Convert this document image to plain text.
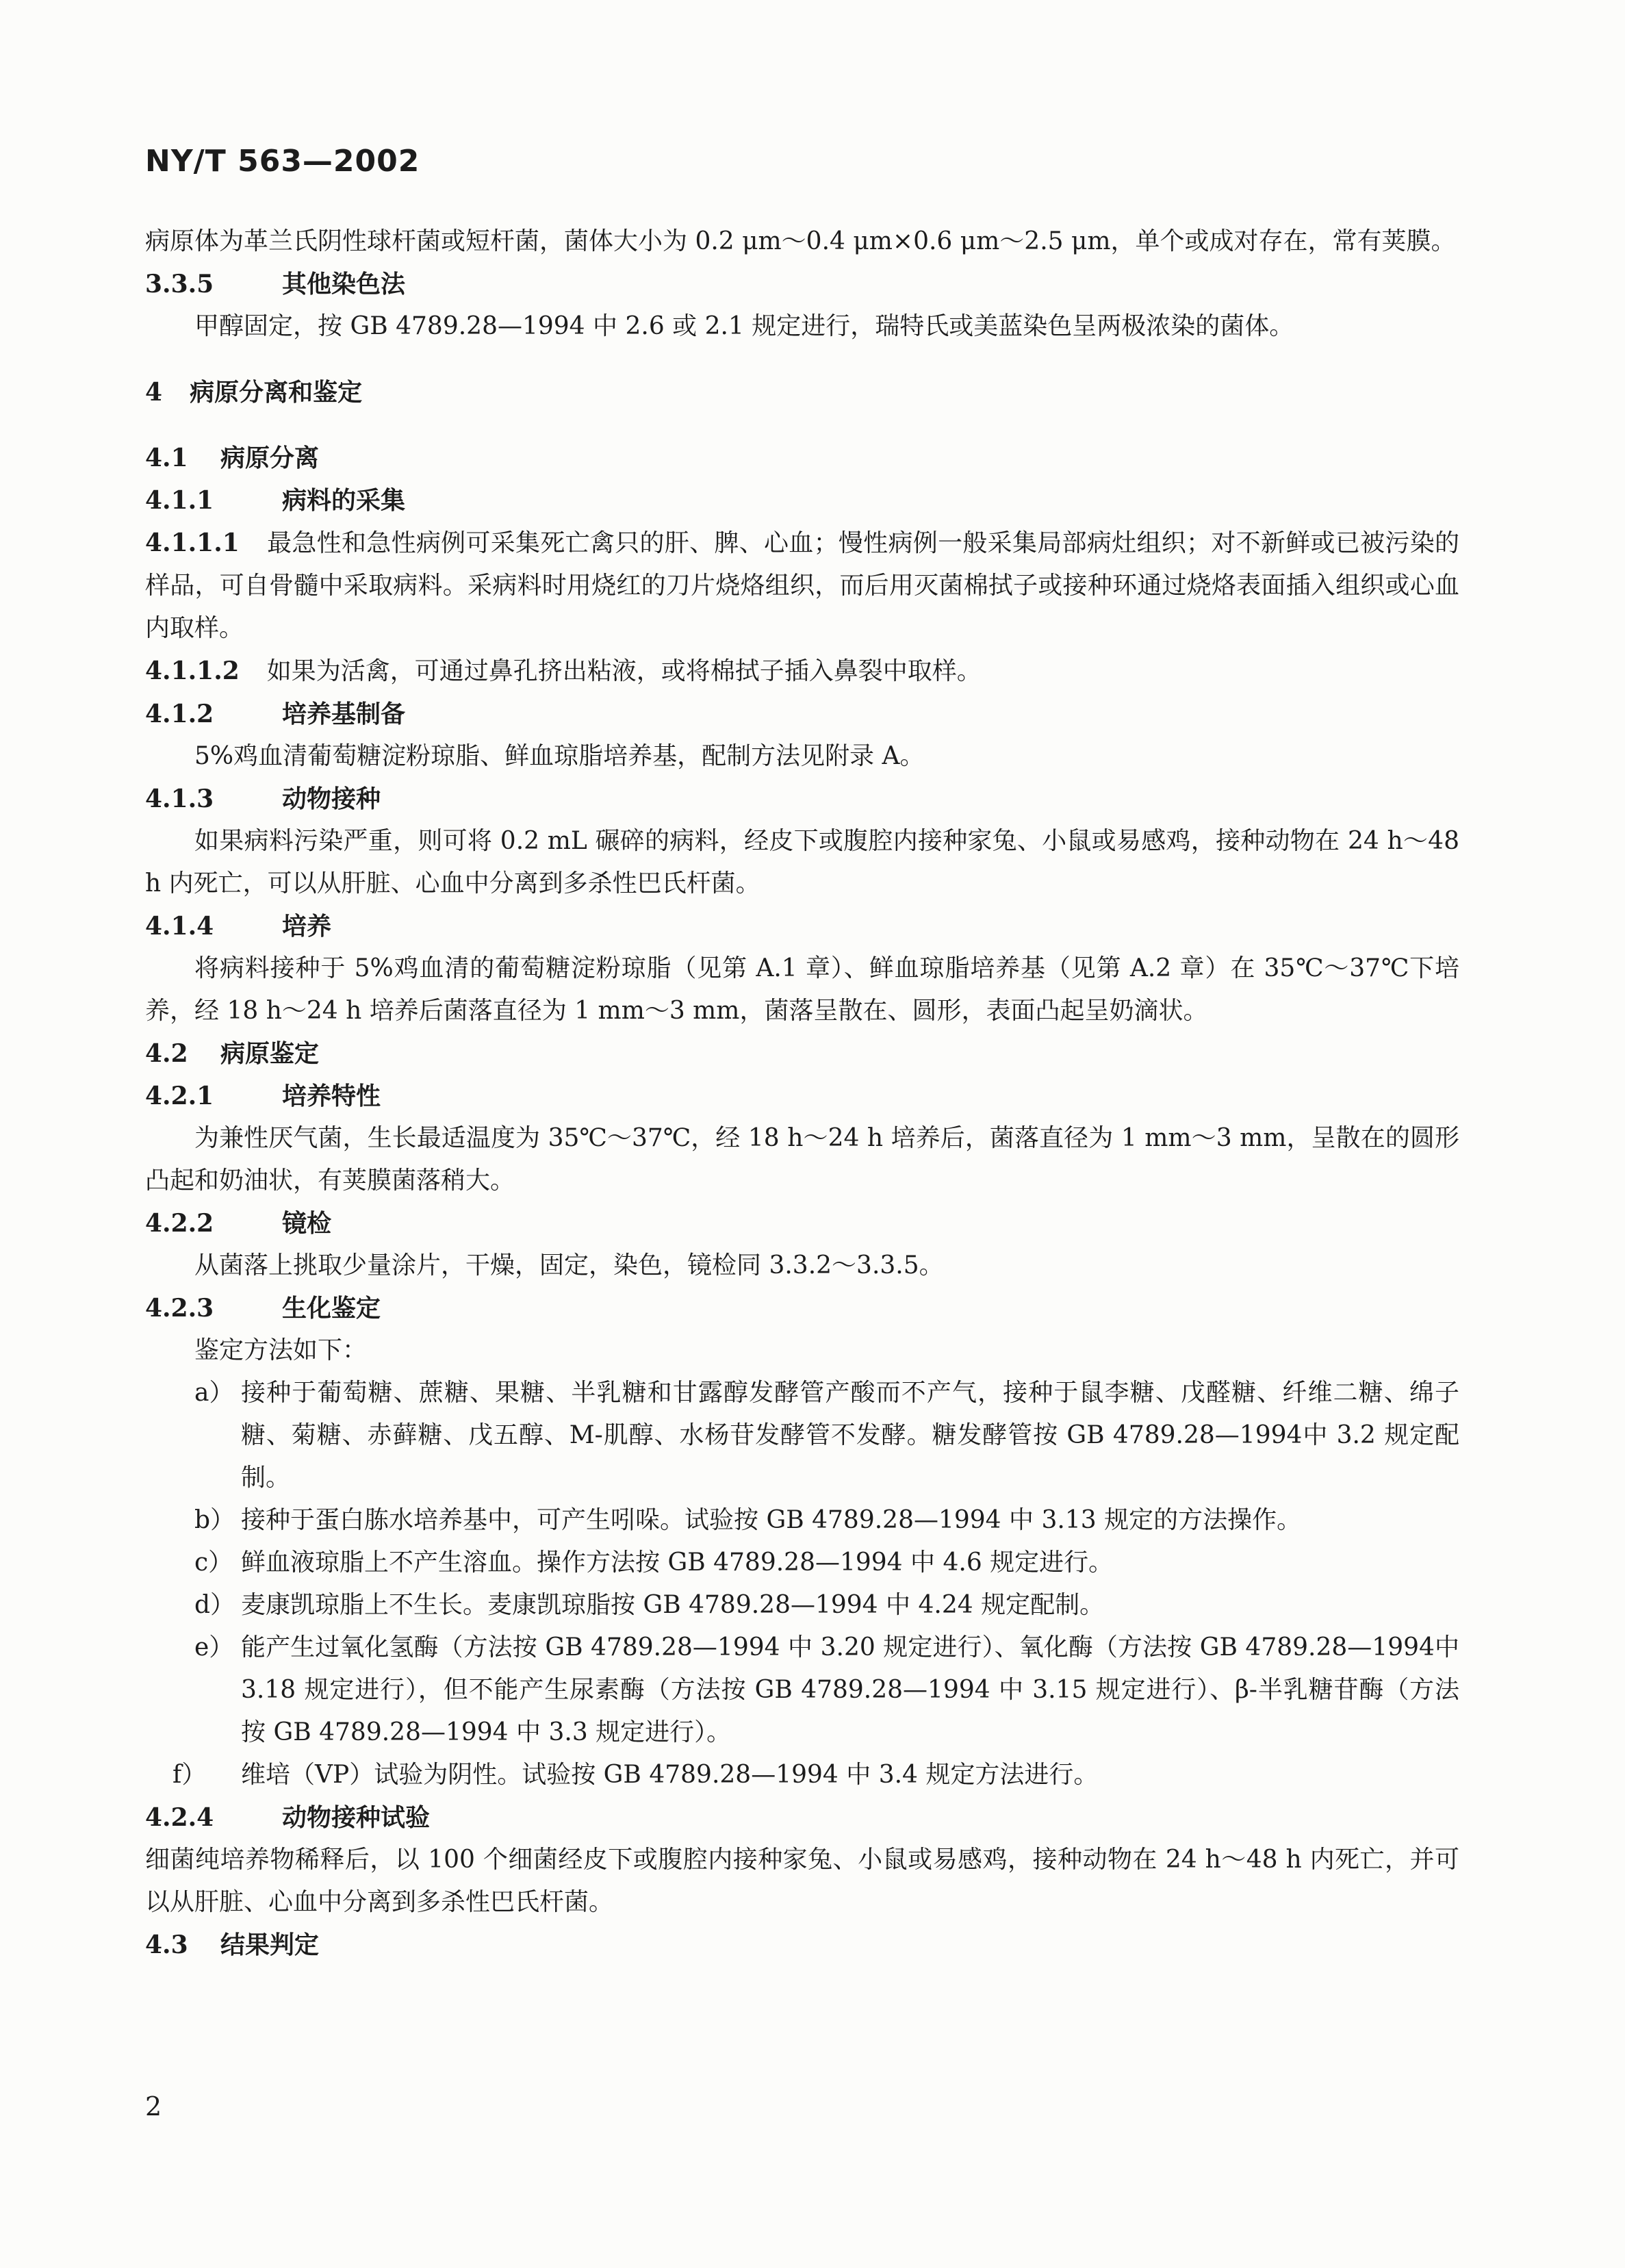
NY/T 563—2002

病原体为革兰氏阴性球杆菌或短杆菌，菌体大小为 0.2 μm～0.4 μm×0.6 μm～2.5 μm，单个或成对存在，常有荚膜。

3.3.5	其他染色法

甲醇固定，按 GB 4789.28—1994 中 2.6 或 2.1 规定进行，瑞特氏或美蓝染色呈两极浓染的菌体。

4 病原分离和鉴定

4.1 病原分离

4.1.1	病料的采集

4.1.1.1 最急性和急性病例可采集死亡禽只的肝、脾、心血；慢性病例一般采集局部病灶组织；对不新鲜或已被污染的样品，可自骨髓中采取病料。采病料时用烧红的刀片烧烙组织，而后用灭菌棉拭子或接种环通过烧烙表面插入组织或心血内取样。

4.1.1.2 如果为活禽，可通过鼻孔挤出粘液，或将棉拭子插入鼻裂中取样。

4.1.2	培养基制备

5%鸡血清葡萄糖淀粉琼脂、鲜血琼脂培养基，配制方法见附录 A。

4.1.3	动物接种

如果病料污染严重，则可将 0.2 mL 碾碎的病料，经皮下或腹腔内接种家兔、小鼠或易感鸡，接种动物在 24 h～48 h 内死亡，可以从肝脏、心血中分离到多杀性巴氏杆菌。

4.1.4	培养

将病料接种于 5%鸡血清的葡萄糖淀粉琼脂（见第 A.1 章）、鲜血琼脂培养基（见第 A.2 章）在 35℃～37℃下培养，经 18 h～24 h 培养后菌落直径为 1 mm～3 mm，菌落呈散在、圆形，表面凸起呈奶滴状。

4.2 病原鉴定

4.2.1	培养特性

为兼性厌气菌，生长最适温度为 35℃～37℃，经 18 h～24 h 培养后，菌落直径为 1 mm～3 mm，呈散在的圆形凸起和奶油状，有荚膜菌落稍大。

4.2.2	镜检

从菌落上挑取少量涂片，干燥，固定，染色，镜检同 3.3.2～3.3.5。

4.2.3	生化鉴定

鉴定方法如下：

a） 接种于葡萄糖、蔗糖、果糖、半乳糖和甘露醇发酵管产酸而不产气，接种于鼠李糖、戊醛糖、纤维二糖、绵子糖、菊糖、赤藓糖、戊五醇、M-肌醇、水杨苷发酵管不发酵。糖发酵管按 GB 4789.28—1994中 3.2 规定配制。

b） 接种于蛋白胨水培养基中，可产生吲哚。试验按 GB 4789.28—1994 中 3.13 规定的方法操作。

c） 鲜血液琼脂上不产生溶血。操作方法按 GB 4789.28—1994 中 4.6 规定进行。

d） 麦康凯琼脂上不生长。麦康凯琼脂按 GB 4789.28—1994 中 4.24 规定配制。

e） 能产生过氧化氢酶（方法按 GB 4789.28—1994 中 3.20 规定进行）、氧化酶（方法按 GB 4789.28—1994中 3.18 规定进行），但不能产生尿素酶（方法按 GB 4789.28—1994 中 3.15 规定进行）、β-半乳糖苷酶（方法按 GB 4789.28—1994 中 3.3 规定进行）。

f） 维培（VP）试验为阴性。试验按 GB 4789.28—1994 中 3.4 规定方法进行。

4.2.4	动物接种试验

细菌纯培养物稀释后，以 100 个细菌经皮下或腹腔内接种家兔、小鼠或易感鸡，接种动物在 24 h～48 h 内死亡，并可以从肝脏、心血中分离到多杀性巴氏杆菌。

4.3 结果判定

2
